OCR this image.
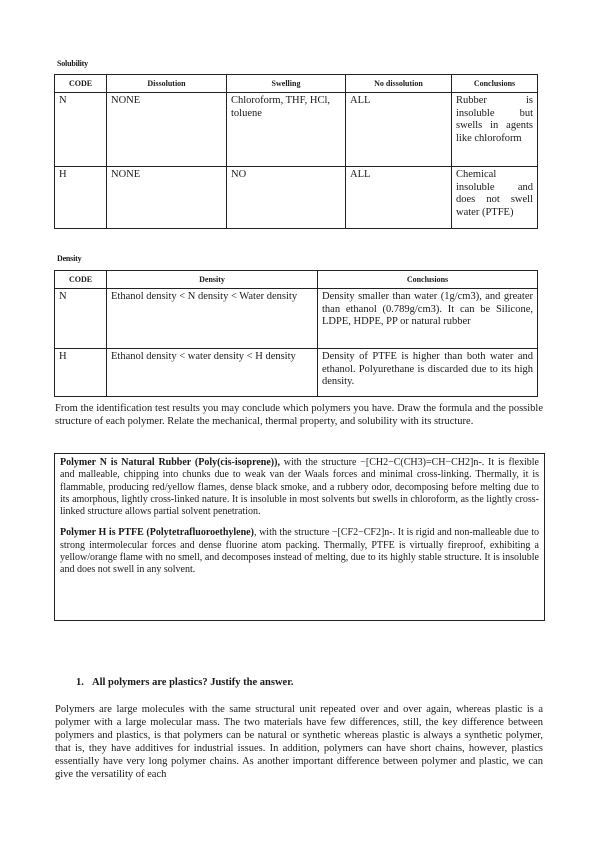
Solubility
CODE	Dissolution	Swelling	No dissolution	Conclusions
N	NONE	Chloroform, THF, HCl, toluene	ALL	Rubber is insoluble but swells in agents like chloroform
H	NONE	NO	ALL	Chemical insoluble and does not swell water (PTFE)
Density
CODE	Density	Conclusions
N	Ethanol density < N density < Water density	Density smaller than water (1g/cm3), and greater than ethanol (0.789g/cm3). It can be Silicone, LDPE, HDPE, PP or natural rubber
H	Ethanol density < water density < H density	Density of PTFE is higher than both water and ethanol. Polyurethane is discarded due to its high density.

From the identification test results you may conclude which polymers you have. Draw the formula and the possible structure of each polymer. Relate the mechanical, thermal property, and solubility with its structure.

Polymer N is Natural Rubber (Poly(cis-isoprene)), with the structure −[CH2−C(CH3)=CH−CH2]n-. It is flexible and malleable, chipping into chunks due to weak van der Waals forces and minimal cross-linking. Thermally, it is flammable, producing red/yellow flames, dense black smoke, and a rubbery odor, decomposing before melting due to its amorphous, lightly cross-linked nature. It is insoluble in most solvents but swells in chloroform, as the lightly cross-linked structure allows partial solvent penetration.

Polymer H is PTFE (Polytetrafluoroethylene), with the structure −[CF2−CF2]n-. It is rigid and non-malleable due to strong intermolecular forces and dense fluorine atom packing. Thermally, PTFE is virtually fireproof, exhibiting a yellow/orange flame with no smell, and decomposes instead of melting, due to its highly stable structure. It is insoluble and does not swell in any solvent.

1. All polymers are plastics? Justify the answer.

Polymers are large molecules with the same structural unit repeated over and over again, whereas plastic is a polymer with a large molecular mass. The two materials have few differences, still, the key difference between polymers and plastics, is that polymers can be natural or synthetic whereas plastic is always a synthetic polymer, that is, they have additives for industrial issues. In addition, polymers can have short chains, however, plastics essentially have very long polymer chains. As another important difference between polymer and plastic, we can give the versatility of each
